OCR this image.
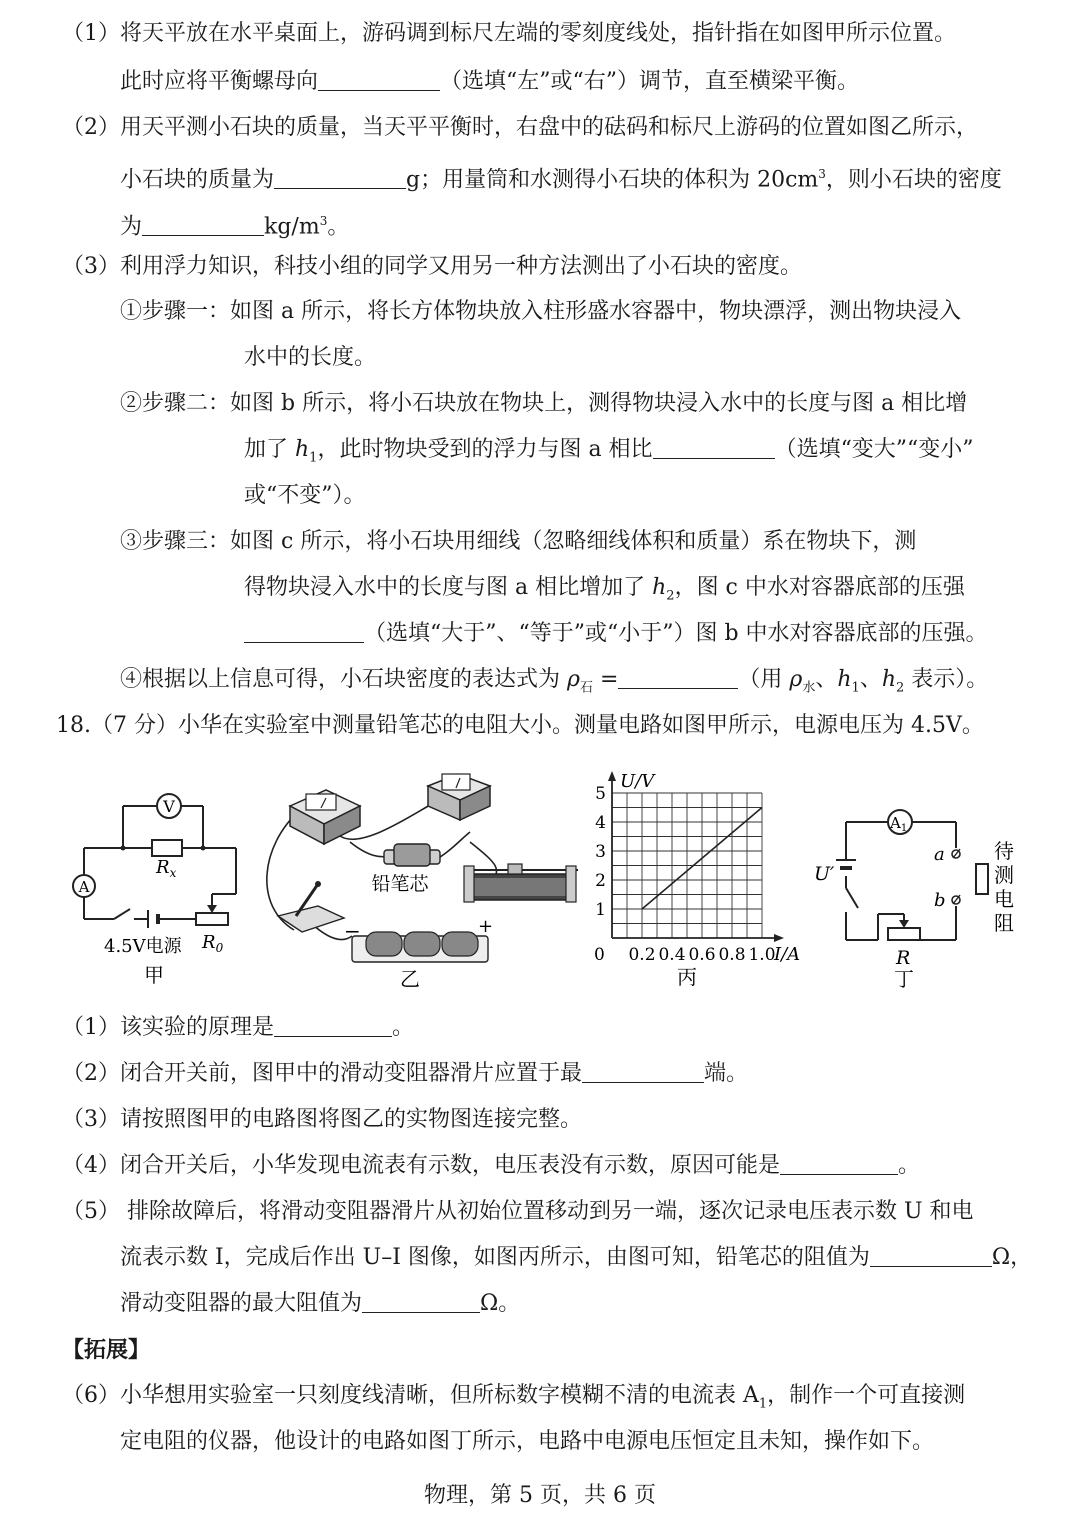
（1）将天平放在水平桌面上，游码调到标尺左端的零刻度线处，指针指在如图甲所示位置。
此时应将平衡螺母向	（选填“左”或“右”）调节，直至横梁平衡。
（2）用天平测小石块的质量，当天平平衡时，右盘中的砝码和标尺上游码的位置如图乙所示，
小石块的质量为	g；用量筒和水测得小石块的体积为 $20cm^3$，则小石块的密度
为	$kg/m^3$。
（3）利用浮力知识，科技小组的同学又用另一种方法测出了小石块的密度。
①步骤一：如图 a 所示，将长方体物块放入柱形盛水容器中，物块漂浮，测出物块浸入
水中的长度。
②步骤二：如图 b 所示，将小石块放在物块上，测得物块浸入水中的长度与图 a 相比增
加了 $h_1$，此时物块受到的浮力与图 a 相比	（选填“变大”“变小”
或“不变”）。
③步骤三：如图 c 所示，将小石块用细线（忽略细线体积和质量）系在物块下，测
得物块浸入水中的长度与图 a 相比增加了 $h_2$，图 c 中水对容器底部的压强
（选填“大于”、“等于”或“小于”）图 b 中水对容器底部的压强。
④根据以上信息可得，小石块密度的表达式为 $\rho_石$ =	（用 $\rho_水$、$h_1$、$h_2$ 表示）。
18.（7 分）小华在实验室中测量铅笔芯的电阻大小。测量电路如图甲所示，电源电压为 4.5V。
V
A
$R_x$
4.5V电源 $R_0$
甲
铅笔芯
−	+
乙
0 0.2 0.4 0.6 0.8 1.0
1
2
3
4
5
U/V
I/A
丙
$A_1$
U′
a
b
待
测
电
阻
R
丁
（1）该实验的原理是	。
（2）闭合开关前，图甲中的滑动变阻器滑片应置于最	端。
（3）请按照图甲的电路图将图乙的实物图连接完整。
（4）闭合开关后，小华发现电流表有示数，电压表没有示数，原因可能是	。
（5） 排除故障后，将滑动变阻器滑片从初始位置移动到另一端，逐次记录电压表示数 U 和电
流表示数 I，完成后作出 U–I 图像，如图丙所示，由图可知，铅笔芯的阻值为	Ω，
滑动变阻器的最大阻值为	Ω。
【拓展】
（6）小华想用实验室一只刻度线清晰，但所标数字模糊不清的电流表 $A_1$，制作一个可直接测
定电阻的仪器，他设计的电路如图丁所示，电路中电源电压恒定且未知，操作如下。
物理，第 5 页，共 6 页
